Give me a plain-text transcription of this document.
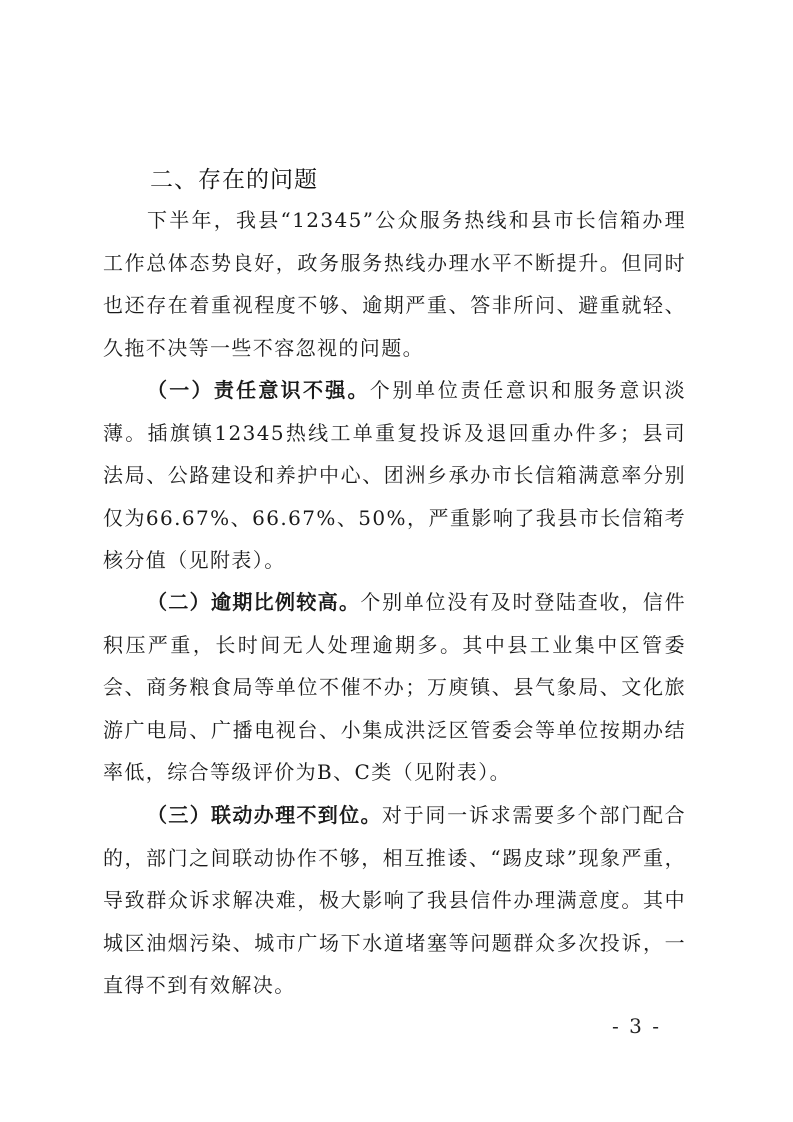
二、存在的问题

下半年，我县“12345”公众服务热线和县市长信箱办理工作总体态势良好，政务服务热线办理水平不断提升。但同时也还存在着重视程度不够、逾期严重、答非所问、避重就轻、久拖不决等一些不容忽视的问题。

（一）责任意识不强。个别单位责任意识和服务意识淡薄。插旗镇12345热线工单重复投诉及退回重办件多；县司法局、公路建设和养护中心、团洲乡承办市长信箱满意率分别仅为66.67%、66.67%、50%，严重影响了我县市长信箱考核分值（见附表）。

（二）逾期比例较高。个别单位没有及时登陆查收，信件积压严重，长时间无人处理逾期多。其中县工业集中区管委会、商务粮食局等单位不催不办；万庾镇、县气象局、文化旅游广电局、广播电视台、小集成洪泛区管委会等单位按期办结率低，综合等级评价为B、C类（见附表）。

（三）联动办理不到位。对于同一诉求需要多个部门配合的，部门之间联动协作不够，相互推诿、“踢皮球”现象严重，导致群众诉求解决难，极大影响了我县信件办理满意度。其中城区油烟污染、城市广场下水道堵塞等问题群众多次投诉，一直得不到有效解决。

- 3 -
